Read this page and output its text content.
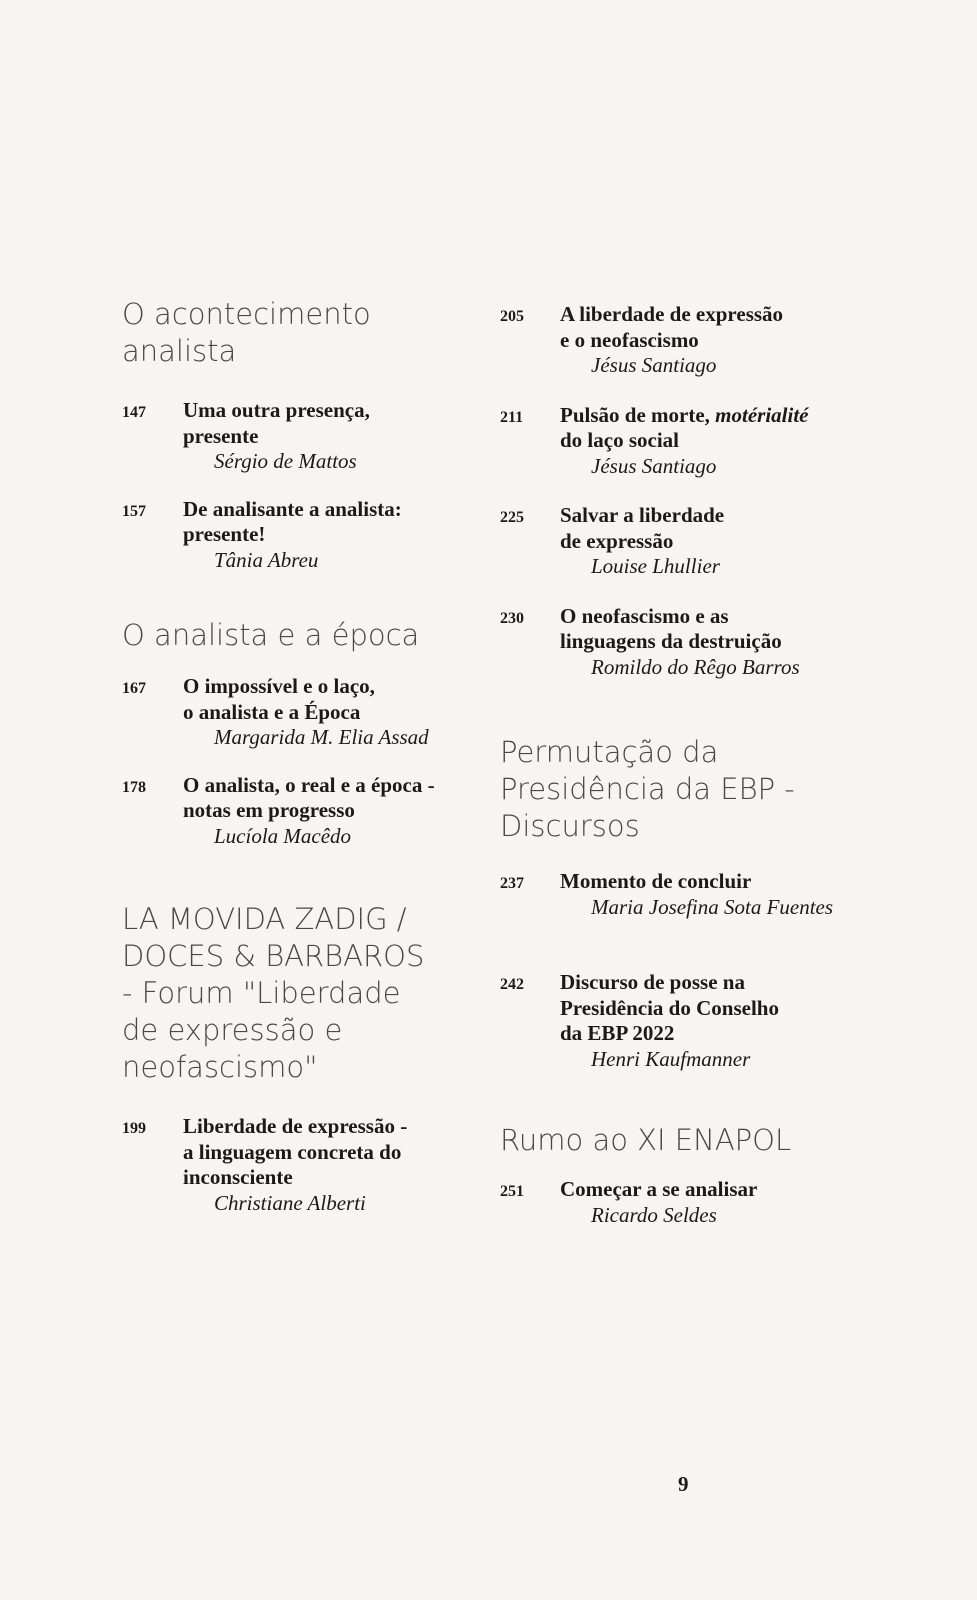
O acontecimento
analista
147 Uma outra presença,
presente
Sérgio de Mattos
157 De analisante a analista:
presente!
Tânia Abreu
O analista e a época
167 O impossível e o laço,
o analista e a Época
Margarida M. Elia Assad
178 O analista, o real e a época -
notas em progresso
Lucíola Macêdo
LA MOVIDA ZADIG /
DOCES & BARBAROS
- Forum "Liberdade
de expressão e
neofascismo"
199 Liberdade de expressão -
a linguagem concreta do
inconsciente
Christiane Alberti
205 A liberdade de expressão
e o neofascismo
Jésus Santiago
211 Pulsão de morte, motérialité
do laço social
Jésus Santiago
225 Salvar a liberdade
de expressão
Louise Lhullier
230 O neofascismo e as
linguagens da destruição
Romildo do Rêgo Barros
Permutação da
Presidência da EBP -
Discursos
237 Momento de concluir
Maria Josefina Sota Fuentes
242 Discurso de posse na
Presidência do Conselho
da EBP 2022
Henri Kaufmanner
Rumo ao XI ENAPOL
251 Começar a se analisar
Ricardo Seldes
9
